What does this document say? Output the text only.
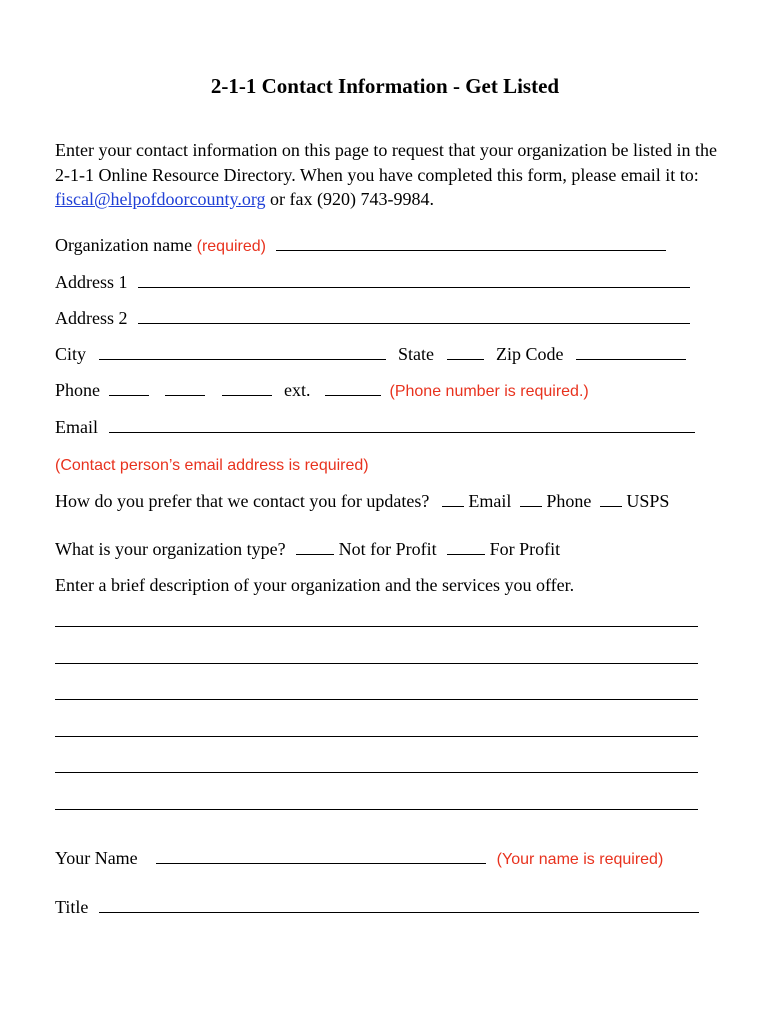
2-1-1 Contact Information - Get Listed
Enter your contact information on this page to request that your organization be listed in the 2-1-1 Online Resource Directory. When you have completed this form, please email it to: fiscal@helpofdoorcounty.org or fax (920) 743-9984.
Organization name (required)
Address 1
Address 2
City	State	Zip Code
Phone	ext.	(Phone number is required.)
Email
(Contact person’s email address is required)
How do you prefer that we contact you for updates? Email Phone USPS
What is your organization type?	Not for Profit	For Profit
Enter a brief description of your organization and the services you offer.
Your Name	(Your name is required)
Title
